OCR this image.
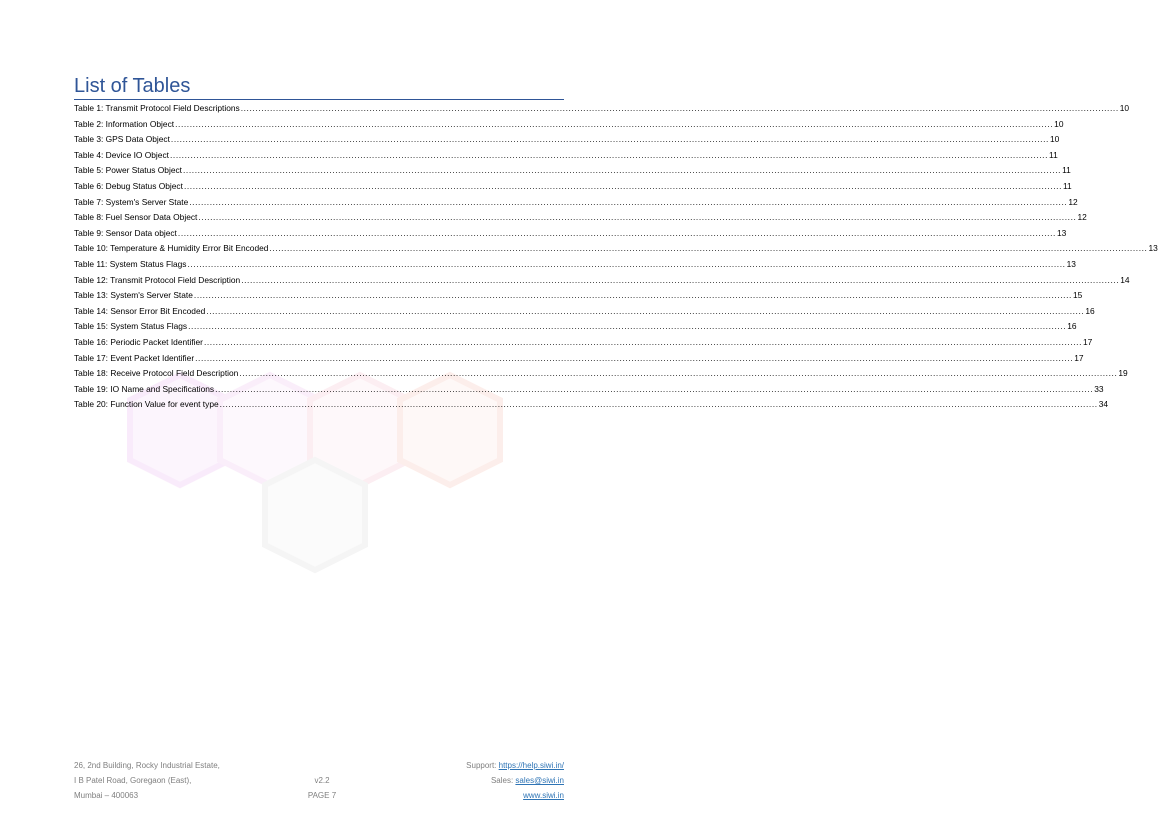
List of Tables
Table 1: Transmit Protocol Field Descriptions ............................................................................................................................................................................................................................................................................................................ 10
Table 2: Information Object ............................................................................................................................................................................................................................................................................................................ 10
Table 3: GPS Data Object ............................................................................................................................................................................................................................................................................................................ 10
Table 4: Device IO Object ............................................................................................................................................................................................................................................................................................................ 11
Table 5: Power Status Object ............................................................................................................................................................................................................................................................................................................ 11
Table 6: Debug Status Object ............................................................................................................................................................................................................................................................................................................ 11
Table 7: System's Server State ............................................................................................................................................................................................................................................................................................................ 12
Table 8: Fuel Sensor Data Object ............................................................................................................................................................................................................................................................................................................ 12
Table 9: Sensor Data object ............................................................................................................................................................................................................................................................................................................ 13
Table 10: Temperature & Humidity Error Bit Encoded ............................................................................................................................................................................................................................................................................................................ 13
Table 11: System Status Flags ............................................................................................................................................................................................................................................................................................................ 13
Table 12: Transmit Protocol Field Description ............................................................................................................................................................................................................................................................................................................ 14
Table 13: System's Server State ............................................................................................................................................................................................................................................................................................................ 15
Table 14: Sensor Error Bit Encoded ............................................................................................................................................................................................................................................................................................................ 16
Table 15: System Status Flags ............................................................................................................................................................................................................................................................................................................ 16
Table 16: Periodic Packet Identifier ............................................................................................................................................................................................................................................................................................................ 17
Table 17: Event Packet Identifier ............................................................................................................................................................................................................................................................................................................ 17
Table 18: Receive Protocol Field Description ............................................................................................................................................................................................................................................................................................................ 19
Table 19: IO Name and Specifications ............................................................................................................................................................................................................................................................................................................ 33
Table 20: Function Value for event type ............................................................................................................................................................................................................................................................................................................ 34
26, 2nd Building, Rocky Industrial Estate,
I B Patel Road, Goregaon (East),
Mumbai – 400063
v2.2
PAGE 7
Support: https://help.siwi.in/
Sales: sales@siwi.in
www.siwi.in
